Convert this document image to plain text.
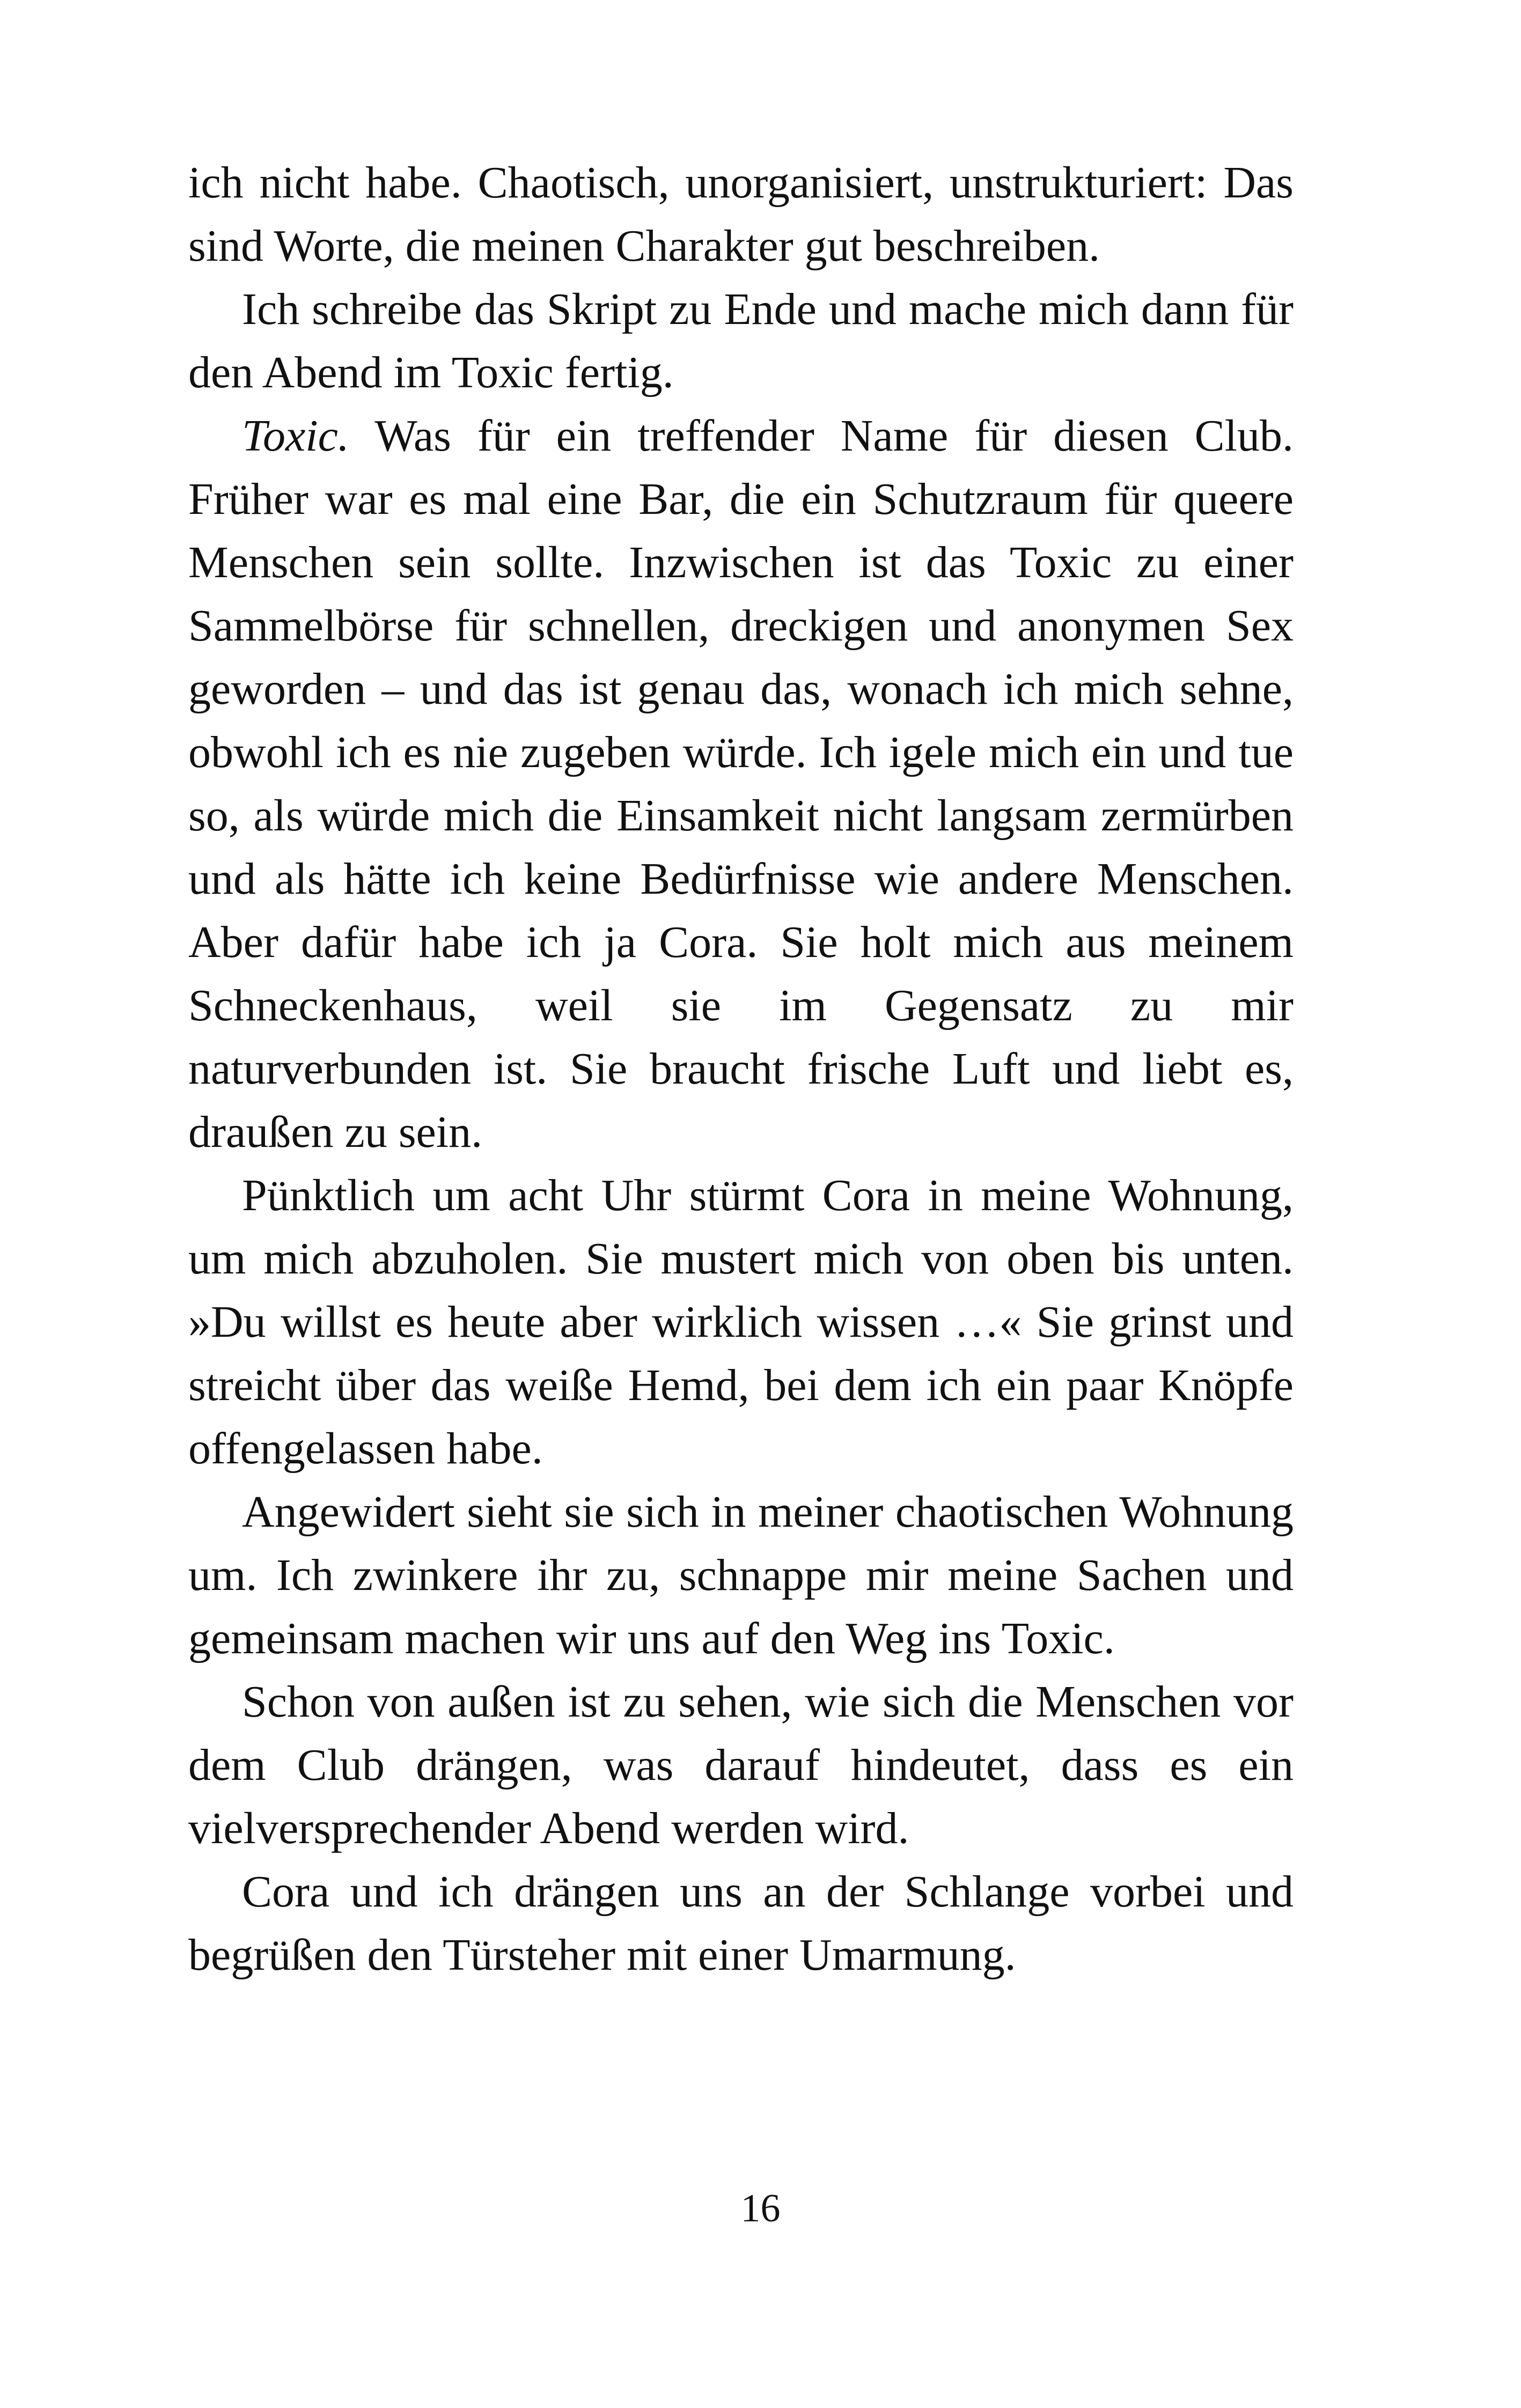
ich nicht habe. Chaotisch, unorganisiert, unstrukturiert: Das sind Worte, die meinen Charakter gut beschreiben.

Ich schreibe das Skript zu Ende und mache mich dann für den Abend im Toxic fertig.

Toxic. Was für ein treffender Name für diesen Club. Früher war es mal eine Bar, die ein Schutzraum für queere Menschen sein sollte. Inzwischen ist das Toxic zu einer Sammelbörse für schnellen, dreckigen und anonymen Sex geworden – und das ist genau das, wonach ich mich sehne, obwohl ich es nie zugeben würde. Ich igele mich ein und tue so, als würde mich die Einsamkeit nicht langsam zermürben und als hätte ich keine Bedürfnisse wie andere Menschen. Aber dafür habe ich ja Cora. Sie holt mich aus meinem Schneckenhaus, weil sie im Gegensatz zu mir naturverbunden ist. Sie braucht frische Luft und liebt es, draußen zu sein.

Pünktlich um acht Uhr stürmt Cora in meine Wohnung, um mich abzuholen. Sie mustert mich von oben bis unten. »Du willst es heute aber wirklich wissen …« Sie grinst und streicht über das weiße Hemd, bei dem ich ein paar Knöpfe offengelassen habe.

Angewidert sieht sie sich in meiner chaotischen Wohnung um. Ich zwinkere ihr zu, schnappe mir meine Sachen und gemeinsam machen wir uns auf den Weg ins Toxic.

Schon von außen ist zu sehen, wie sich die Menschen vor dem Club drängen, was darauf hindeutet, dass es ein vielversprechender Abend werden wird.

Cora und ich drängen uns an der Schlange vorbei und begrüßen den Türsteher mit einer Umarmung.

16
